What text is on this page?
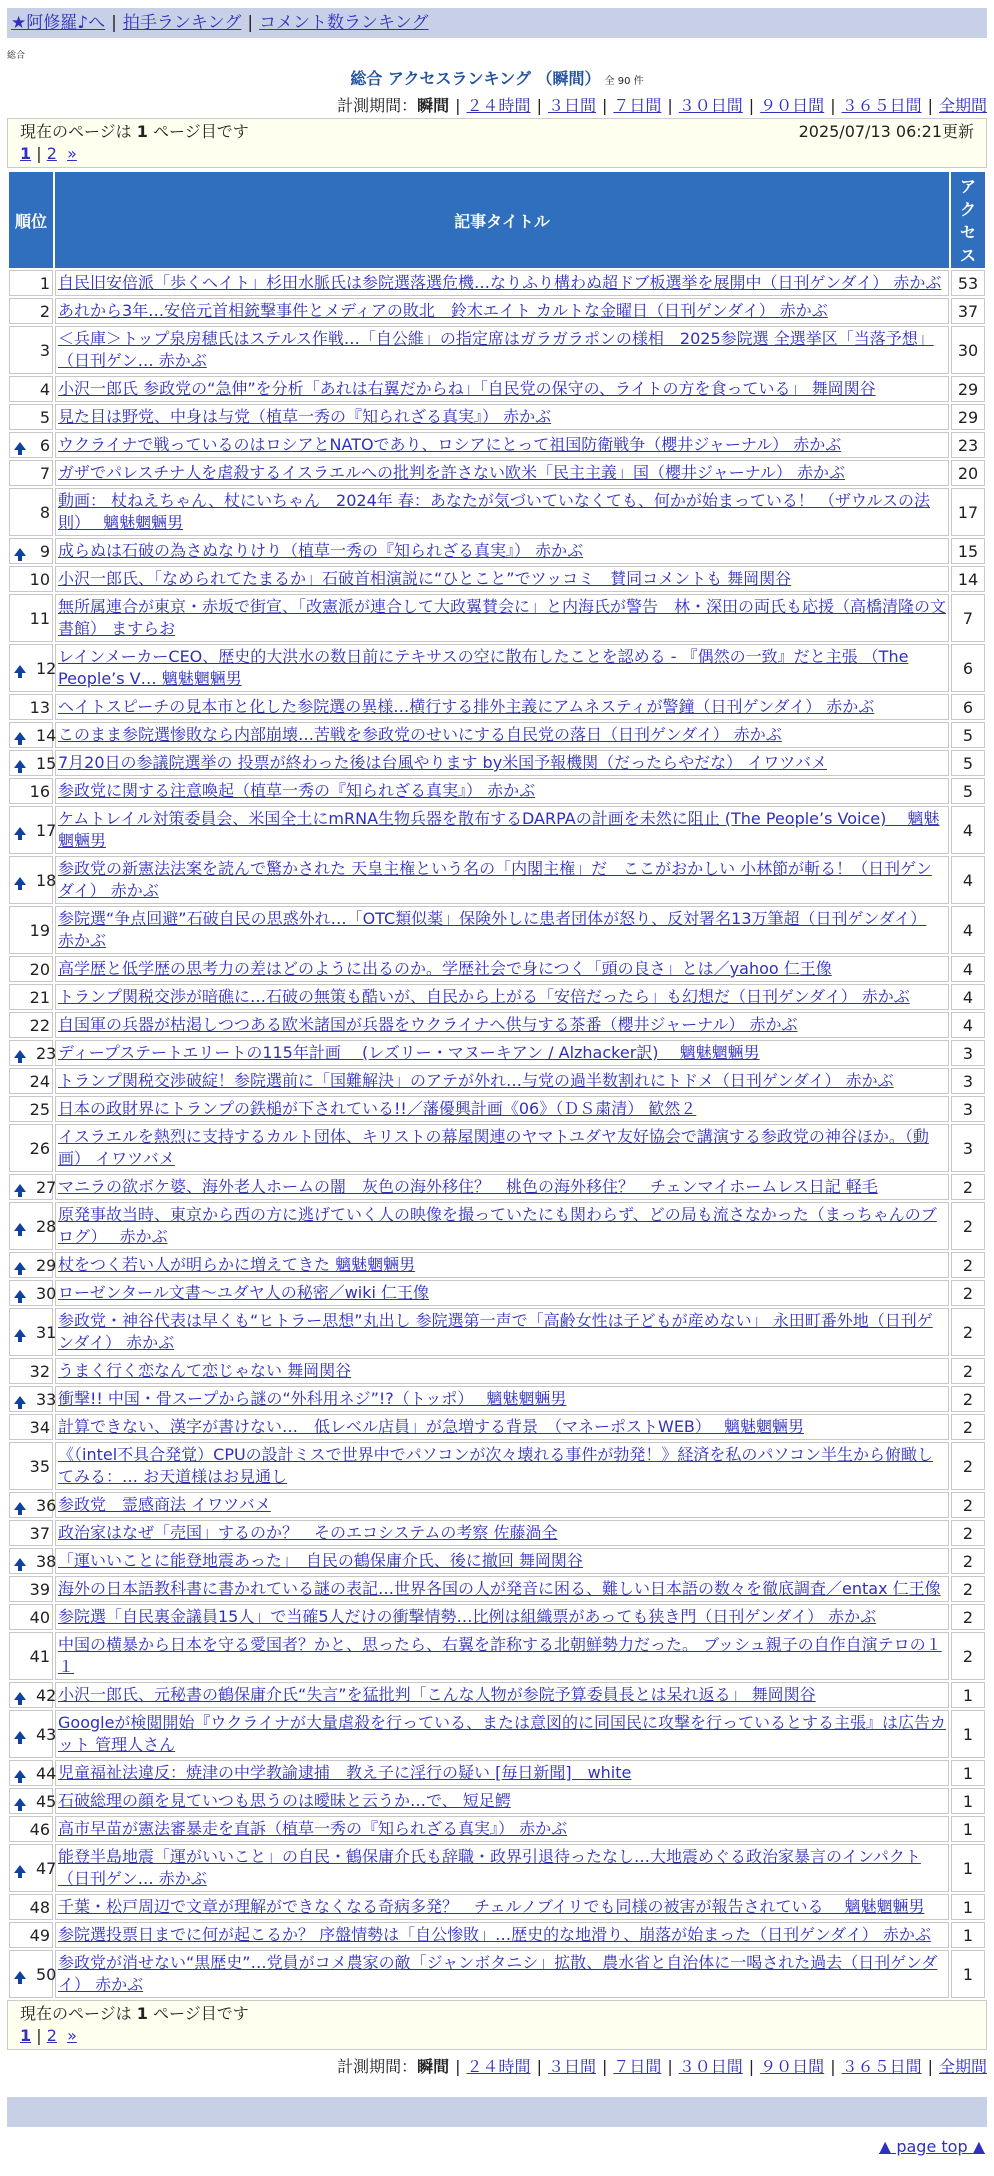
★阿修羅♪へ | 拍手ランキング | コメント数ランキング
総合
総合 アクセスランキング （瞬間） 全 90 件
計測期間：瞬間 | ２４時間 | ３日間 | ７日間 | ３０日間 | ９０日間 | ３６５日間 | 全期間
現在のページは 1 ページ目です	2025/07/13 06:21更新
1 | 2 »
順位	記事タイトル	アクセス
1	自民旧安倍派「歩くヘイト」杉田水脈氏は参院選落選危機…なりふり構わぬ超ドブ板選挙を展開中（日刊ゲンダイ） 赤かぶ	53
2	あれから3年…安倍元首相銃撃事件とメディアの敗北　鈴木エイト カルトな金曜日（日刊ゲンダイ） 赤かぶ	37
3	＜兵庫＞トップ泉房穂氏はステルス作戦…「自公維」の指定席はガラガラポンの様相　2025参院選 全選挙区「当落予想」（日刊ゲン… 赤かぶ	30
4	小沢一郎氏 参政党の“急伸”を分析「あれは右翼だからね」「自民党の保守の、ライトの方を食っている」 舞岡関谷	29
5	見た目は野党、中身は与党（植草一秀の『知られざる真実』） 赤かぶ	29

6	ウクライナで戦っているのはロシアとNATOであり、ロシアにとって祖国防衛戦争（櫻井ジャーナル） 赤かぶ	23
7	ガザでパレスチナ人を虐殺するイスラエルへの批判を許さない欧米「民主主義」国（櫻井ジャーナル） 赤かぶ	20
8	動画： 杖ねえちゃん、杖にいちゃん　2024年 春：あなたが気づいていなくても、何かが始まっている！ （ザウルスの法則）　 魑魅魍魎男	17

9	成らぬは石破の為さぬなりけり（植草一秀の『知られざる真実』） 赤かぶ	15
10	小沢一郎氏、「なめられてたまるか」石破首相演説に“ひとこと”でツッコミ　賛同コメントも 舞岡関谷	14
11	無所属連合が東京・赤坂で街宣、「改憲派が連合して大政翼賛会に」と内海氏が警告　林・深田の両氏も応援（高橋清隆の文書館） ますらお	7

12	レインメーカーCEO、歴史的大洪水の数日前にテキサスの空に散布したことを認める - 『偶然の一致』だと主張 （The People’s V… 魑魅魍魎男	6
13	ヘイトスピーチの見本市と化した参院選の異様…横行する排外主義にアムネスティが警鐘（日刊ゲンダイ） 赤かぶ	6

14	このまま参院選惨敗なら内部崩壊…苦戦を参政党のせいにする自民党の落日（日刊ゲンダイ） 赤かぶ	5

15	7月20日の参議院選挙の 投票が終わった後は台風やります by米国予報機関（だったらやだな） イワツバメ	5
16	参政党に関する注意喚起（植草一秀の『知られざる真実』） 赤かぶ	5

17	ケムトレイル対策委員会、米国全土にmRNA生物兵器を散布するDARPAの計画を未然に阻止 (The People’s Voice)　 魑魅魍魎男	4

18	参政党の新憲法法案を読んで驚かされた 天皇主権という名の「内閣主権」だ　ここがおかしい 小林節が斬る！（日刊ゲンダイ） 赤かぶ	4
19	参院選“争点回避”石破自民の思惑外れ…「OTC類似薬」保険外しに患者団体が怒り、反対署名13万筆超（日刊ゲンダイ） 赤かぶ	4
20	高学歴と低学歴の思考力の差はどのように出るのか。学歴社会で身につく「頭の良さ」とは／yahoo 仁王像	4
21	トランプ関税交渉が暗礁に…石破の無策も酷いが、自民から上がる「安倍だったら」も幻想だ（日刊ゲンダイ） 赤かぶ	4
22	自国軍の兵器が枯渇しつつある欧米諸国が兵器をウクライナへ供与する茶番（櫻井ジャーナル） 赤かぶ	4

23	ディープステートエリートの115年計画　 (レズリー・マヌーキアン / Alzhacker訳)　 魑魅魍魎男	3
24	トランプ関税交渉破綻！参院選前に「国難解決」のアテが外れ…与党の過半数割れにトドメ（日刊ゲンダイ） 赤かぶ	3
25	日本の政財界にトランプの鉄槌が下されている!!／藩優興計画《06》（ＤＳ粛清） 歓然２	3
26	イスラエルを熱烈に支持するカルト団体、キリストの幕屋関連のヤマトユダヤ友好協会で講演する参政党の神谷ほか。（動画） イワツバメ	3

27	マニラの欲ボケ婆、海外老人ホームの闇　灰色の海外移住？　桃色の海外移住？　チェンマイホームレス日記 軽毛	2

28	原発事故当時、東京から西の方に逃げていく人の映像を撮っていたにも関わらず、どの局も流さなかった（まっちゃんのブログ）　 赤かぶ	2

29	杖をつく若い人が明らかに増えてきた 魑魅魍魎男	2

30	ローゼンタール文書〜ユダヤ人の秘密／wiki 仁王像	2

31	参政党・神谷代表は早くも“ヒトラー思想”丸出し 参院選第一声で「高齢女性は子どもが産めない」 永田町番外地（日刊ゲンダイ） 赤かぶ	2
32	うまく行く恋なんて恋じゃない 舞岡関谷	2

33	衝撃!! 中国・骨スープから謎の“外科用ネジ”!?（トッポ）　 魑魅魍魎男	2
34	計算できない、漢字が書けない…　低レベル店員」が急増する背景　（マネーポストWEB）　 魑魅魍魎男	2
35	《（intel不具合発覚）CPUの設計ミスで世界中でパソコンが次々壊れる事件が勃発！》経済を私のパソコン半生から俯瞰してみる：… お天道様はお見通し	2

36	参政党　霊感商法 イワツバメ	2
37	政治家はなぜ「売国」するのか？　そのエコシステムの考察 佐藤渦全	2

38	「運いいことに能登地震あった」　自民の鶴保庸介氏、後に撤回 舞岡関谷	2
39	海外の日本語教科書に書かれている謎の表記…世界各国の人が発音に困る、難しい日本語の数々を徹底調査／entax 仁王像	2
40	参院選「自民裏金議員15人」で当確5人だけの衝撃情勢…比例は組織票があっても狭き門（日刊ゲンダイ） 赤かぶ	2
41	中国の横暴から日本を守る愛国者？かと、思ったら、右翼を詐称する北朝鮮勢力だった。 ブッシュ親子の自作自演テロの１１	2

42	小沢一郎氏、元秘書の鶴保庸介氏“失言”を猛批判「こんな人物が参院予算委員長とは呆れ返る」 舞岡関谷	1

43	Googleが検閲開始『ウクライナが大量虐殺を行っている、または意図的に同国民に攻撃を行っているとする主張』は広告カット 管理人さん	1

44	児童福祉法違反：焼津の中学教諭逮捕　教え子に淫行の疑い [毎日新聞]　white	1

45	石破総理の顔を見ていつも思うのは曖昧と云うか…で、 短足鰐	1
46	高市早苗が憲法審暴走を直訴（植草一秀の『知られざる真実』） 赤かぶ	1

47	能登半島地震「運がいいこと」の自民・鶴保庸介氏も辞職・政界引退待ったなし…大地震めぐる政治家暴言のインパクト（日刊ゲン… 赤かぶ	1
48	千葉・松戸周辺で文章が理解ができなくなる奇病多発？　チェルノブイリでも同様の被害が報告されている　 魑魅魍魎男	1
49	参院選投票日までに何が起こるか？ 序盤情勢は「自公惨敗」…歴史的な地滑り、崩落が始まった（日刊ゲンダイ） 赤かぶ	1

50	参政党が消せない“黒歴史”…党員がコメ農家の敵「ジャンボタニシ」拡散、農水省と自治体に一喝された過去（日刊ゲンダイ） 赤かぶ	1
現在のページは 1 ページ目です
1 | 2 »
計測期間：瞬間 | ２４時間 | ３日間 | ７日間 | ３０日間 | ９０日間 | ３６５日間 | 全期間
▲ page top ▲
